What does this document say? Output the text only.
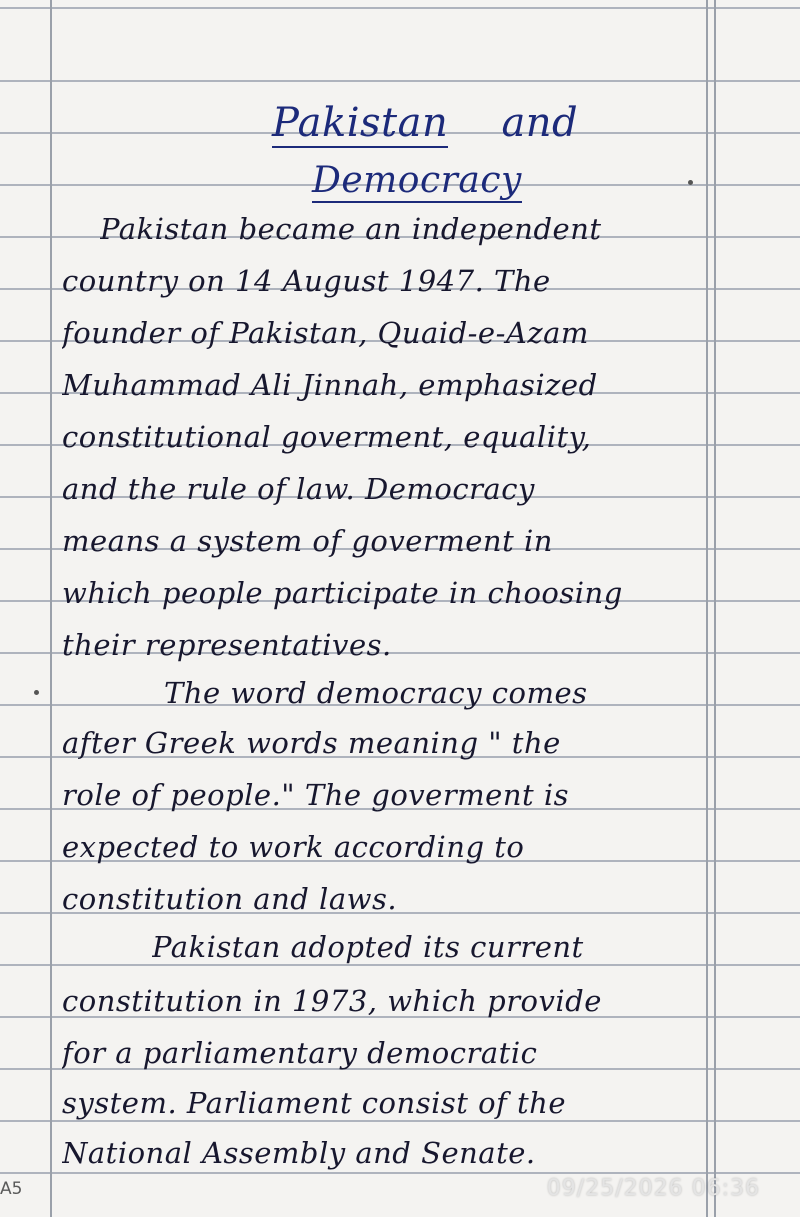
Pakistan and
Democracy
Pakistan became an independent
country on 14 August 1947. The
founder of Pakistan, Quaid-e-Azam
Muhammad Ali Jinnah, emphasized
constitutional goverment, equality,
and the rule of law. Democracy
means a system of goverment in
which people participate in choosing
their representatives.
The word democracy comes
after Greek words meaning " the
role of people." The goverment is
expected to work according to
constitution and laws.
Pakistan adopted its current
constitution in 1973, which provide
for a parliamentary democratic
system. Parliament consist of the
National Assembly and Senate.
A5	09/25/2026 06:36
